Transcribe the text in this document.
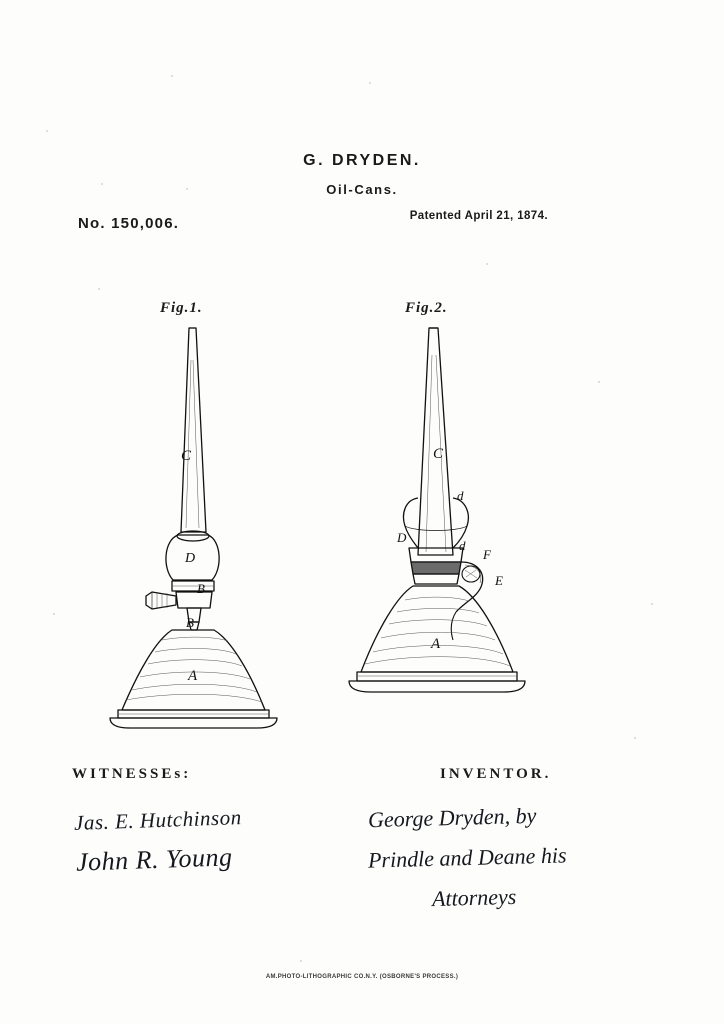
G. DRYDEN.
Oil-Cans.
No. 150,006.	Patented April 21, 1874.
Fig.1.	Fig.2.
C
D
B
B
A
C
d
D
d
F
E
A
WITNESSEs:	INVENTOR.
Jas. E. Hutchinson
John R. Young
George Dryden, by
Prindle and Deane his
Attorneys
AM.PHOTO-LITHOGRAPHIC CO.N.Y. (OSBORNE'S PROCESS.)
